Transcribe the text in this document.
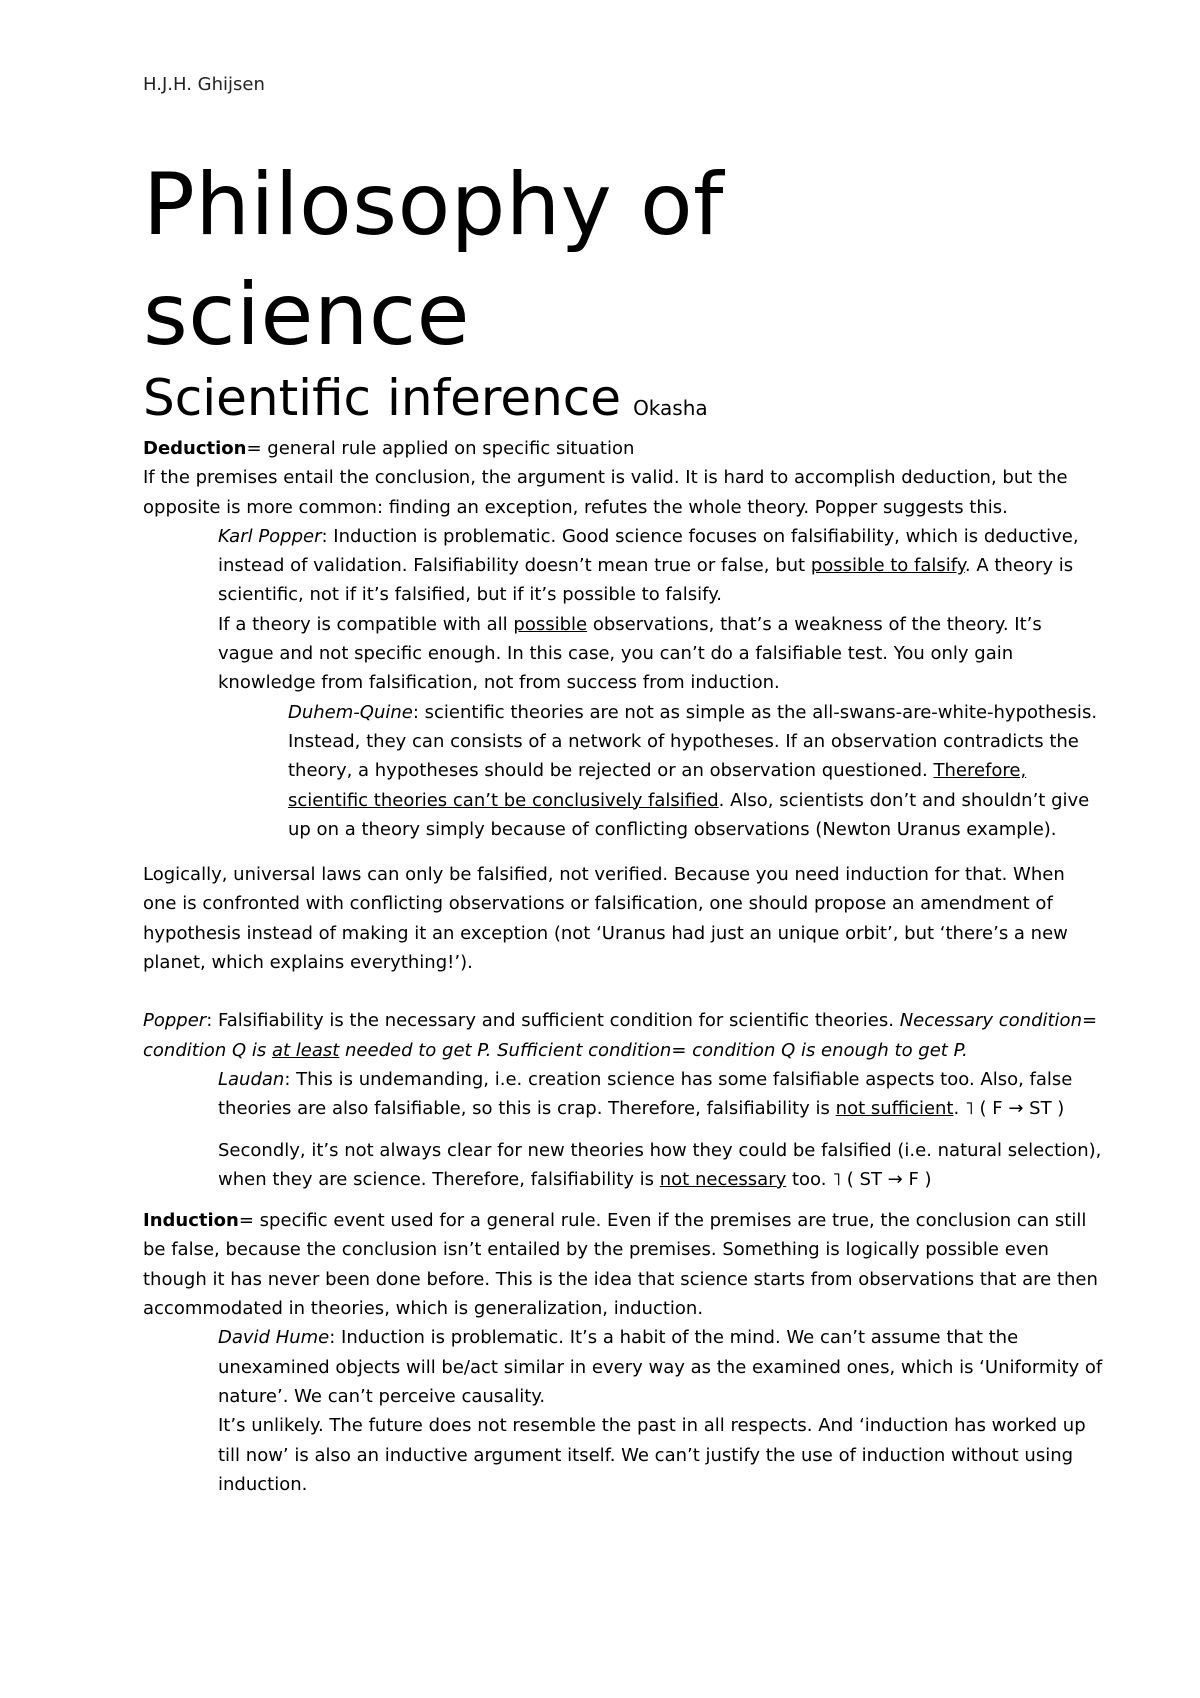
H.J.H. Ghijsen
Philosophy of
science
Scientific inference Okasha

Deduction= general rule applied on specific situation

If the premises entail the conclusion, the argument is valid. It is hard to accomplish deduction, but the opposite is more common: finding an exception, refutes the whole theory. Popper suggests this.

Karl Popper: Induction is problematic. Good science focuses on falsifiability, which is deductive, instead of validation. Falsifiability doesn’t mean true or false, but possible to falsify. A theory is scientific, not if it’s falsified, but if it’s possible to falsify.

If a theory is compatible with all possible observations, that’s a weakness of the theory. It’s vague and not specific enough. In this case, you can’t do a falsifiable test. You only gain knowledge from falsification, not from success from induction.

Duhem-Quine: scientific theories are not as simple as the all-swans-are-white-hypothesis. Instead, they can consists of a network of hypotheses. If an observation contradicts the theory, a hypotheses should be rejected or an observation questioned. Therefore, scientific theories can’t be conclusively falsified. Also, scientists don’t and shouldn’t give up on a theory simply because of conflicting observations (Newton Uranus example).

Logically, universal laws can only be falsified, not verified. Because you need induction for that. When one is confronted with conflicting observations or falsification, one should propose an amendment of hypothesis instead of making it an exception (not ‘Uranus had just an unique orbit’, but ‘there’s a new planet, which explains everything!’).

Popper: Falsifiability is the necessary and sufficient condition for scientific theories. Necessary condition= condition Q is at least needed to get P. Sufficient condition= condition Q is enough to get P.

Laudan: This is undemanding, i.e. creation science has some falsifiable aspects too. Also, false theories are also falsifiable, so this is crap. Therefore, falsifiability is not sufficient. ˥ ( F → ST )

Secondly, it’s not always clear for new theories how they could be falsified (i.e. natural selection), when they are science. Therefore, falsifiability is not necessary too. ˥ ( ST → F )

Induction= specific event used for a general rule. Even if the premises are true, the conclusion can still be false, because the conclusion isn’t entailed by the premises. Something is logically possible even though it has never been done before. This is the idea that science starts from observations that are then accommodated in theories, which is generalization, induction.

David Hume: Induction is problematic. It’s a habit of the mind. We can’t assume that the unexamined objects will be/act similar in every way as the examined ones, which is ‘Uniformity of nature’. We can’t perceive causality.

It’s unlikely. The future does not resemble the past in all respects. And ‘induction has worked up till now’ is also an inductive argument itself. We can’t justify the use of induction without using induction.
